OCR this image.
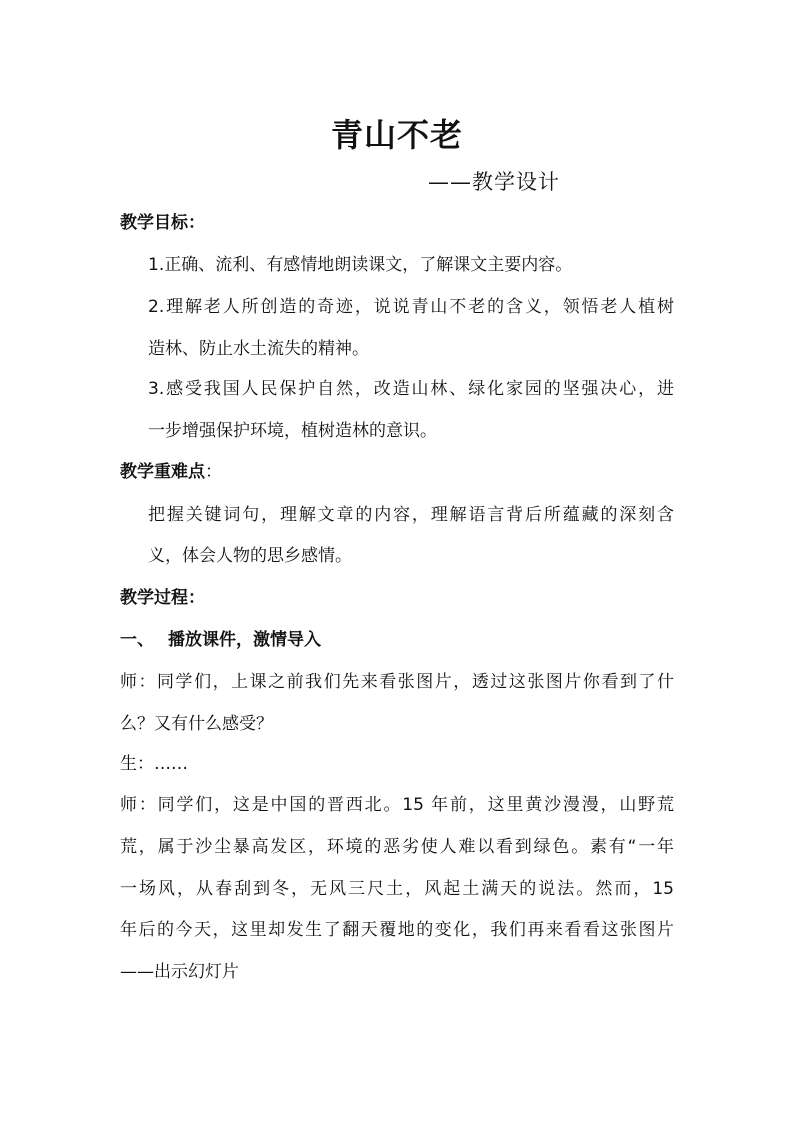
青山不老
——教学设计
教学目标：
1.正确、流利、有感情地朗读课文，了解课文主要内容。
2.理解老人所创造的奇迹，说说青山不老的含义，领悟老人植树
造林、防止水土流失的精神。
3.感受我国人民保护自然，改造山林、绿化家园的坚强决心，进
一步增强保护环境，植树造林的意识。
教学重难点：
把握关键词句，理解文章的内容，理解语言背后所蕴藏的深刻含
义，体会人物的思乡感情。
教学过程：
一、 播放课件，激情导入
师：同学们，上课之前我们先来看张图片，透过这张图片你看到了什
么？又有什么感受？
生：……
师：同学们，这是中国的晋西北。15 年前，这里黄沙漫漫，山野荒
荒，属于沙尘暴高发区，环境的恶劣使人难以看到绿色。素有“一年
一场风，从春刮到冬，无风三尺土，风起土满天的说法。然而，15
年后的今天，这里却发生了翻天覆地的变化，我们再来看看这张图片
——出示幻灯片
